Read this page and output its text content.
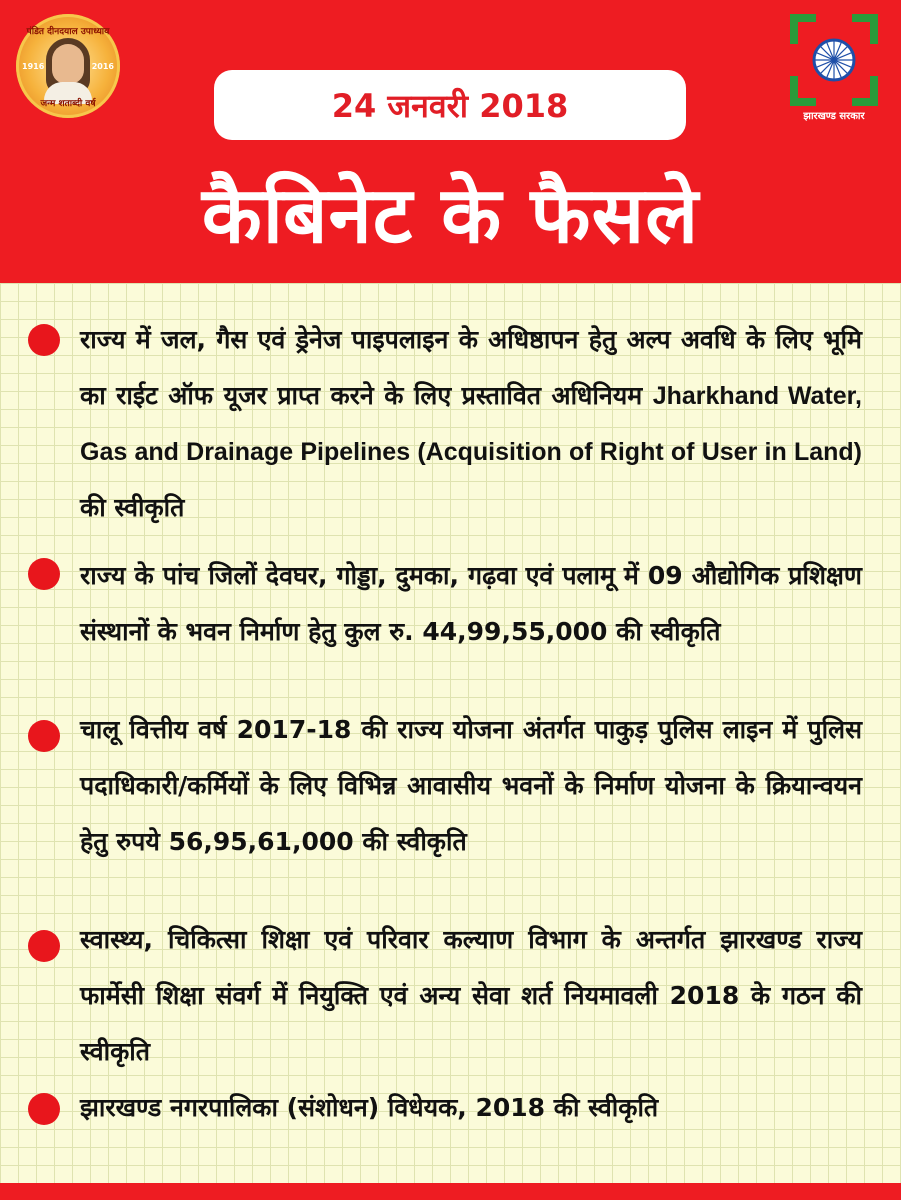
पंडित दीनदयाल उपाध्याय
1916	2016
जन्म शताब्दी वर्ष
झारखण्ड सरकार
24 जनवरी 2018
कैबिनेट के फैसले
राज्य में जल, गैस एवं ड्रेनेज पाइपलाइन के अधिष्ठापन हेतु अल्प अवधि के लिए भूमि का राईट ऑफ यूजर प्राप्त करने के लिए प्रस्तावित अधिनियम Jharkhand Water, Gas and Drainage Pipelines (Acquisition of Right of User in Land) की स्वीकृति
राज्य के पांच जिलों देवघर, गोड्डा, दुमका, गढ़वा एवं पलामू में 09 औद्योगिक प्रशिक्षण संस्थानों के भवन निर्माण हेतु कुल रु. 44,99,55,000 की स्वीकृति
चालू वित्तीय वर्ष 2017-18 की राज्य योजना अंतर्गत पाकुड़ पुलिस लाइन में पुलिस पदाधिकारी/कर्मियों के लिए विभिन्न आवासीय भवनों के निर्माण योजना के क्रियान्वयन हेतु रुपये 56,95,61,000 की स्वीकृति
स्वास्थ्य, चिकित्सा शिक्षा एवं परिवार कल्याण विभाग के अन्तर्गत झारखण्ड राज्य फार्मेसी शिक्षा संवर्ग में नियुक्ति एवं अन्य सेवा शर्त नियमावली 2018 के गठन की स्वीकृति
झारखण्ड नगरपालिका (संशोधन) विधेयक, 2018 की स्वीकृति
